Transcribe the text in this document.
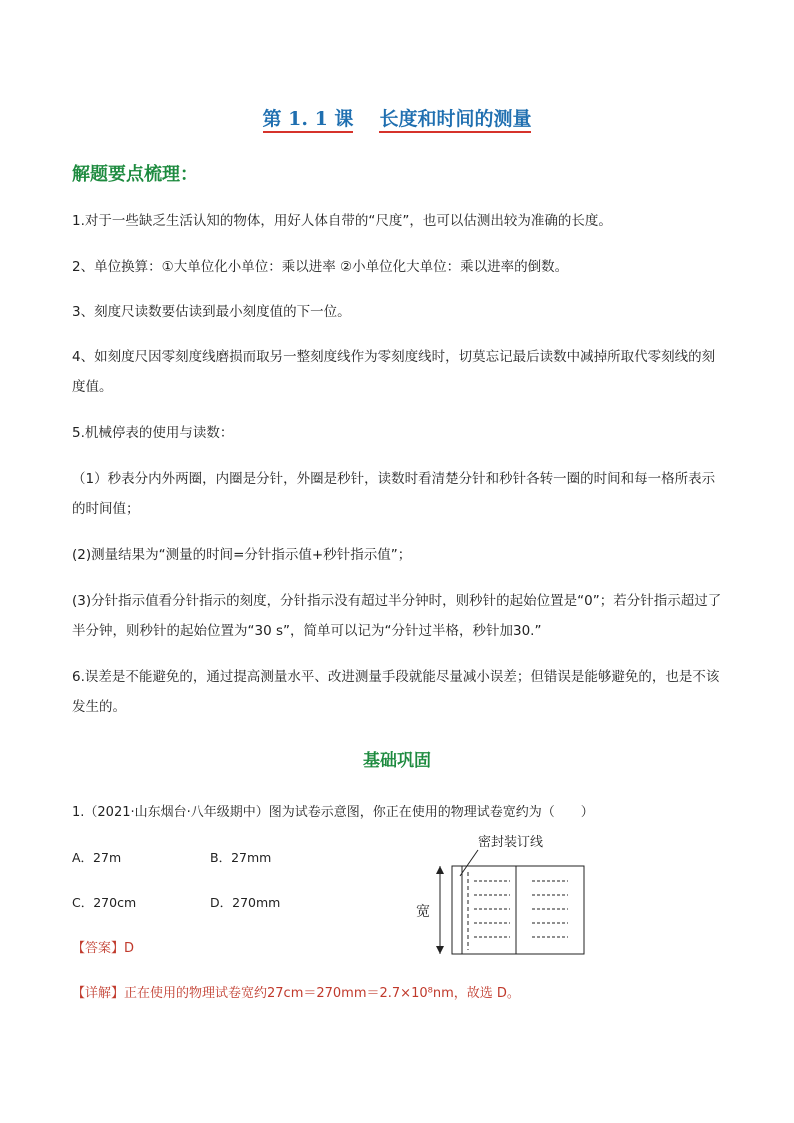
第 1. 1 课 长度和时间的测量
解题要点梳理：
1.对于一些缺乏生活认知的物体，用好人体自带的“尺度”，也可以估测出较为准确的长度。
2、单位换算：①大单位化小单位：乘以进率 ②小单位化大单位：乘以进率的倒数。
3、刻度尺读数要估读到最小刻度值的下一位。
4、如刻度尺因零刻度线磨损而取另一整刻度线作为零刻度线时，切莫忘记最后读数中减掉所取代零刻线的刻度值。
5.机械停表的使用与读数：
（1）秒表分内外两圈，内圈是分针，外圈是秒针，读数时看清楚分针和秒针各转一圈的时间和每一格所表示的时间值；
(2)测量结果为“测量的时间=分针指示值+秒针指示值”；
(3)分针指示值看分针指示的刻度，分针指示没有超过半分钟时，则秒针的起始位置是“0”；若分针指示超过了半分钟，则秒针的起始位置为“30 s”，简单可以记为“分针过半格，秒针加30.”
6.误差是不能避免的，通过提高测量水平、改进测量手段就能尽量减小误差；但错误是能够避免的，也是不该发生的。
基础巩固
1.（2021·山东烟台·八年级期中）图为试卷示意图，你正在使用的物理试卷宽约为（　　）
A．27m	B．27mm
C．270cm	D．270mm
密封装订线
宽
【答案】D
【详解】正在使用的物理试卷宽约27cm＝270mm＝2.7×10⁸nm，故选 D。
